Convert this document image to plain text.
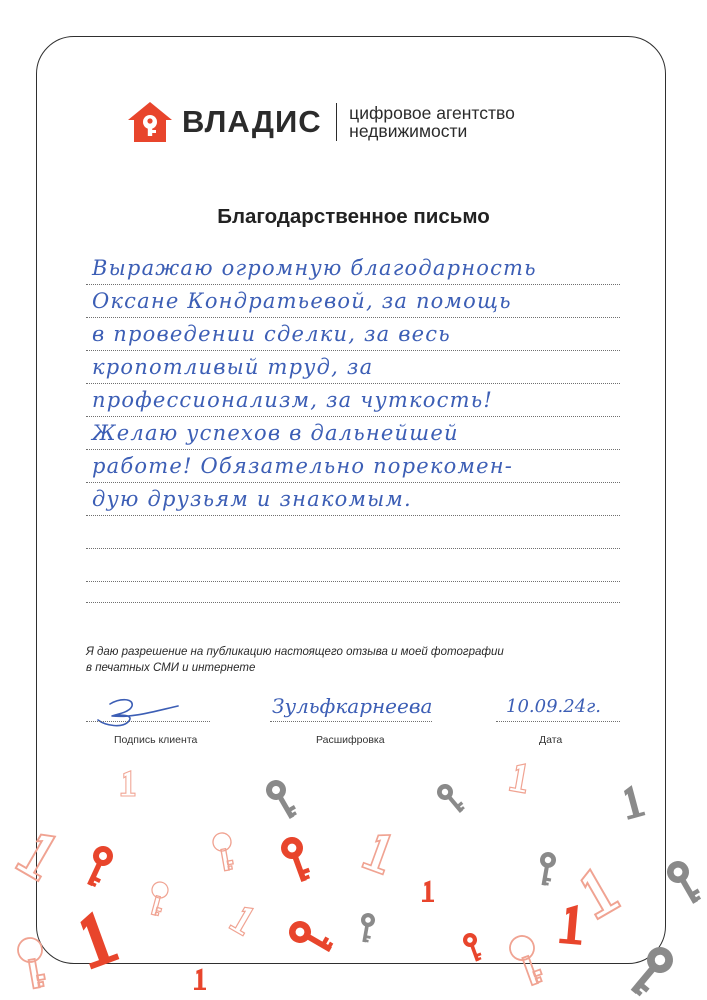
ВЛАДИС цифровое агентство
недвижимости
Благодарственное письмо
Выражаю огромную благодарность
Оксане Кондратьевой, за помощь
в проведении сделки, за весь
кропотливый труд, за
профессионализм, за чуткость!
Желаю успехов в дальнейшей
работе! Обязательно порекомен-
дую друзьям и знакомым.
Я даю разрешение на публикацию настоящего отзыва и моей фотографии
в печатных СМИ и интернете
Подпись клиента
Зульфкарнеева
Расшифровка
10.09.24г.
Дата
